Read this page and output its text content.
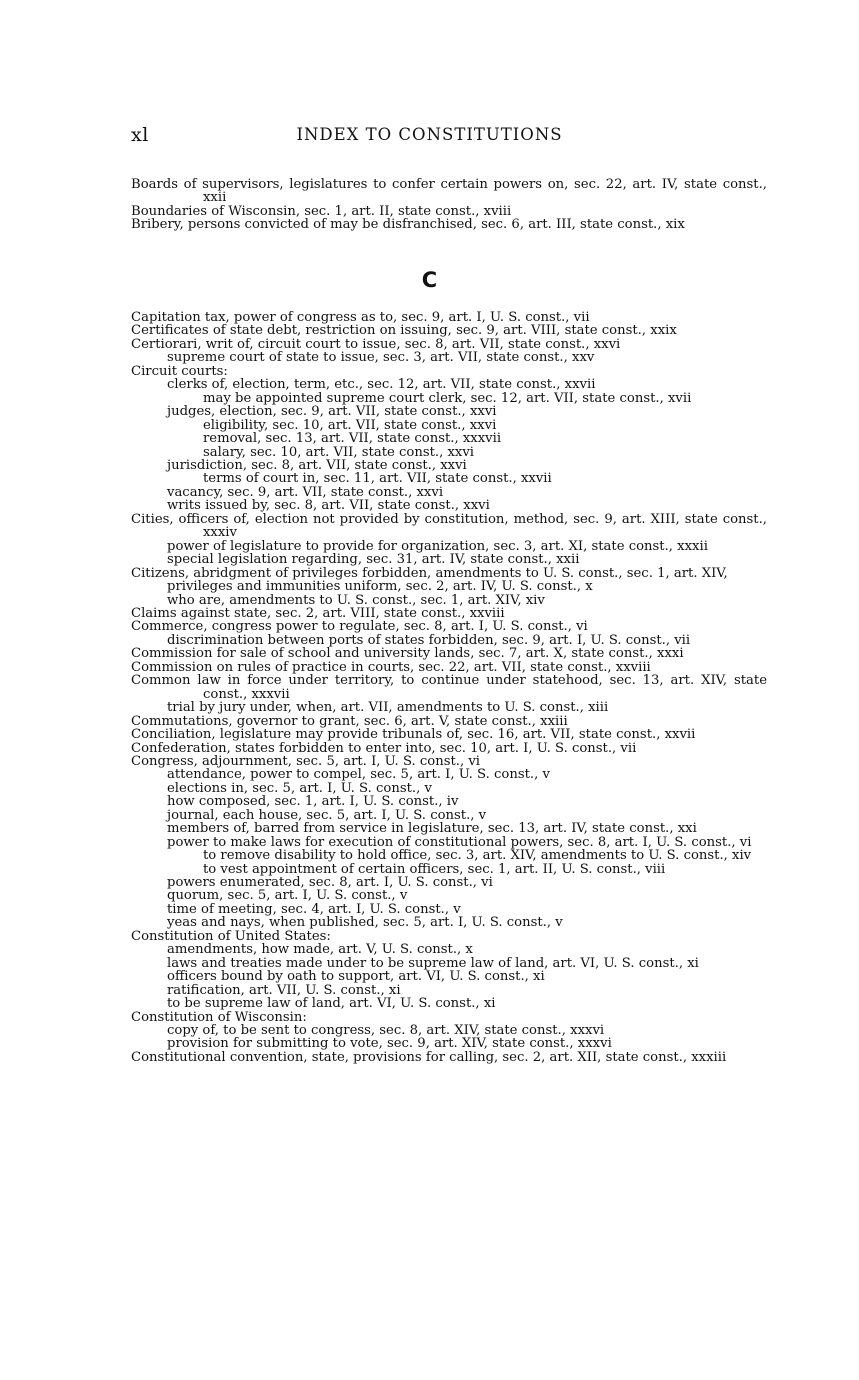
xl	INDEX TO CONSTITUTIONS

Boards of supervisors, legislatures to confer certain powers on, sec. 22, art. IV, state const., xxii

Boundaries of Wisconsin, sec. 1, art. II, state const., xviii

Bribery, persons convicted of may be disfranchised, sec. 6, art. III, state const., xix

C

Capitation tax, power of congress as to, sec. 9, art. I, U. S. const., vii

Certificates of state debt, restriction on issuing, sec. 9, art. VIII, state const., xxix

Certiorari, writ of, circuit court to issue, sec. 8, art. VII, state const., xxvi

supreme court of state to issue, sec. 3, art. VII, state const., xxv

Circuit courts:

clerks of, election, term, etc., sec. 12, art. VII, state const., xxvii

may be appointed supreme court clerk, sec. 12, art. VII, state const., xvii

judges, election, sec. 9, art. VII, state const., xxvi

eligibility, sec. 10, art. VII, state const., xxvi

removal, sec. 13, art. VII, state const., xxxvii

salary, sec. 10, art. VII, state const., xxvi

jurisdiction, sec. 8, art. VII, state const., xxvi

terms of court in, sec. 11, art. VII, state const., xxvii

vacancy, sec. 9, art. VII, state const., xxvi

writs issued by, sec. 8, art. VII, state const., xxvi

Cities, officers of, election not provided by constitution, method, sec. 9, art. XIII, state const., xxxiv

power of legislature to provide for organization, sec. 3, art. XI, state const., xxxii

special legislation regarding, sec. 31, art. IV, state const., xxii

Citizens, abridgment of privileges forbidden, amendments to U. S. const., sec. 1, art. XIV,

privileges and immunities uniform, sec. 2, art. IV, U. S. const., x

who are, amendments to U. S. const., sec. 1, art. XIV, xiv

Claims against state, sec. 2, art. VIII, state const., xxviii

Commerce, congress power to regulate, sec. 8, art. I, U. S. const., vi

discrimination between ports of states forbidden, sec. 9, art. I, U. S. const., vii

Commission for sale of school and university lands, sec. 7, art. X, state const., xxxi

Commission on rules of practice in courts, sec. 22, art. VII, state const., xxviii

Common law in force under territory, to continue under statehood, sec. 13, art. XIV, state const., xxxvii

trial by jury under, when, art. VII, amendments to U. S. const., xiii

Commutations, governor to grant, sec. 6, art. V, state const., xxiii

Conciliation, legislature may provide tribunals of, sec. 16, art. VII, state const., xxvii

Confederation, states forbidden to enter into, sec. 10, art. I, U. S. const., vii

Congress, adjournment, sec. 5, art. I, U. S. const., vi

attendance, power to compel, sec. 5, art. I, U. S. const., v

elections in, sec. 5, art. I, U. S. const., v

how composed, sec. 1, art. I, U. S. const., iv

journal, each house, sec. 5, art. I, U. S. const., v

members of, barred from service in legislature, sec. 13, art. IV, state const., xxi

power to make laws for execution of constitutional powers, sec. 8, art. I, U. S. const., vi

to remove disability to hold office, sec. 3, art. XIV, amendments to U. S. const., xiv

to vest appointment of certain officers, sec. 1, art. II, U. S. const., viii

powers enumerated, sec. 8, art. I, U. S. const., vi

quorum, sec. 5, art. I, U. S. const., v

time of meeting, sec. 4, art. I, U. S. const., v

yeas and nays, when published, sec. 5, art. I, U. S. const., v

Constitution of United States:

amendments, how made, art. V, U. S. const., x

laws and treaties made under to be supreme law of land, art. VI, U. S. const., xi

officers bound by oath to support, art. VI, U. S. const., xi

ratification, art. VII, U. S. const., xi

to be supreme law of land, art. VI, U. S. const., xi

Constitution of Wisconsin:

copy of, to be sent to congress, sec. 8, art. XIV, state const., xxxvi

provision for submitting to vote, sec. 9, art. XIV, state const., xxxvi

Constitutional convention, state, provisions for calling, sec. 2, art. XII, state const., xxxiii
